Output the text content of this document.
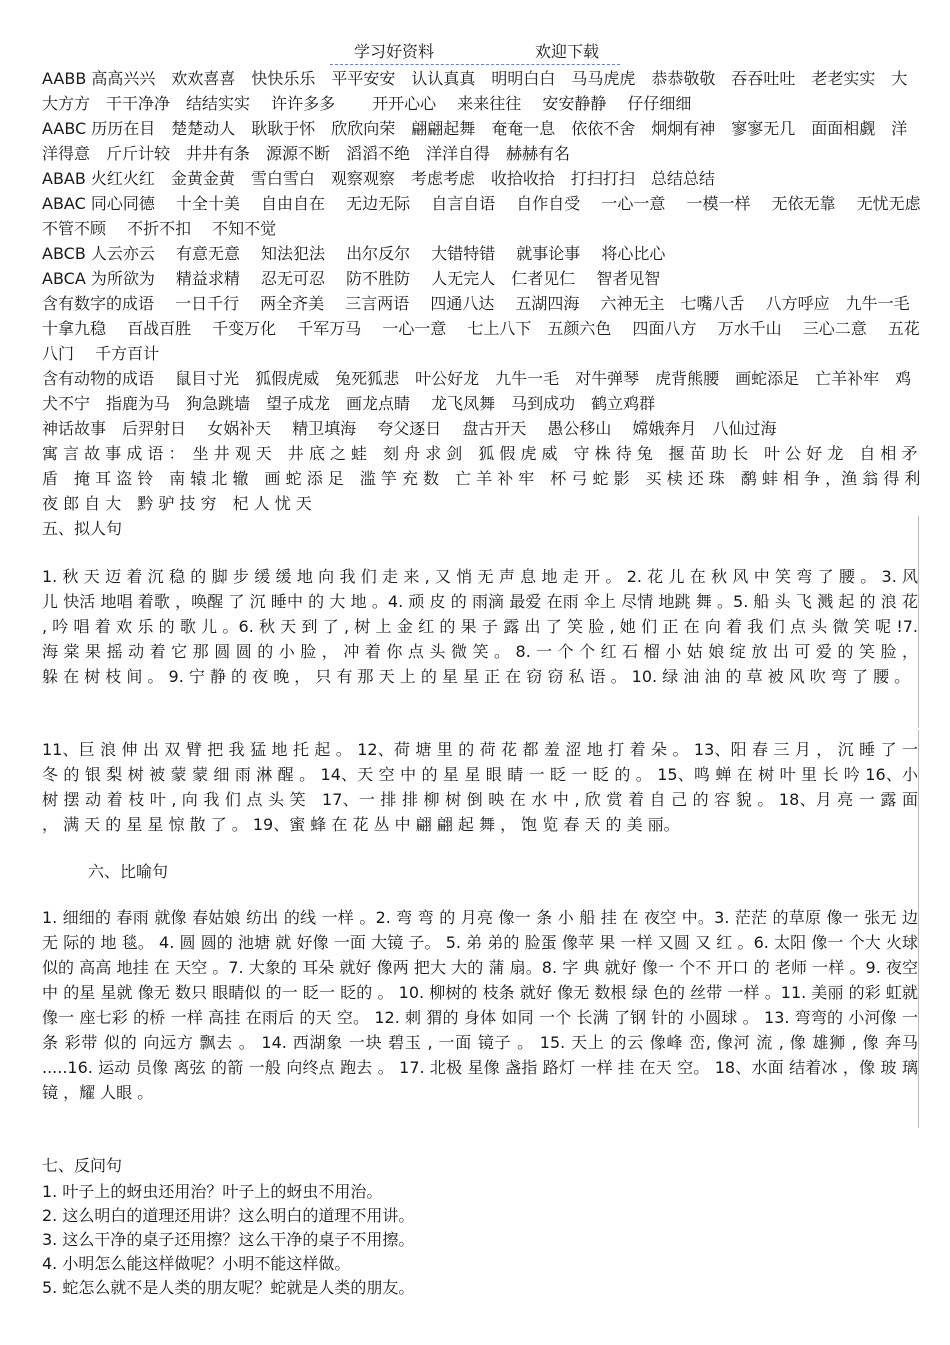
学习好资料	欢迎下载

AABB 高高兴兴　欢欢喜喜　快快乐乐　平平安安　认认真真　明明白白　马马虎虎　恭恭敬敬　吞吞吐吐　老老实实　大大方方　干干净净　结结实实　 许许多多　　 开开心心　 来来往往　 安安静静　 仔仔细细

AABC 历历在目　楚楚动人　耿耿于怀　欣欣向荣　翩翩起舞　奄奄一息　依依不舍　炯炯有神　寥寥无几　面面相觑　洋洋得意　斤斤计较　井井有条　源源不断　滔滔不绝　洋洋自得　赫赫有名

ABAB 火红火红　金黄金黄　雪白雪白　观察观察　考虑考虑　收拾收拾　打扫打扫　总结总结

ABAC 同心同德　 十全十美　 自由自在　 无边无际　 自言自语　 自作自受　 一心一意　 一模一样　 无依无靠　 无忧无虑　 不管不顾　 不折不扣　 不知不觉

ABCB 人云亦云　 有意无意　 知法犯法　 出尔反尔　 大错特错　 就事论事　 将心比心

ABCA 为所欲为　 精益求精　 忍无可忍　 防不胜防　 人无完人　仁者见仁　 智者见智

含有数字的成语　 一日千行　 两全齐美　 三言两语　 四通八达　 五湖四海　 六神无主　七嘴八舌　 八方呼应　九牛一毛　 十拿九稳　 百战百胜　 千变万化　 千军万马　 一心一意　 七上八下　五颜六色　 四面八方　 万水千山　 三心二意　 五花八门　 千方百计

含有动物的成语　 鼠目寸光　狐假虎威　兔死狐悲　叶公好龙　九牛一毛　对牛弹琴　虎背熊腰　画蛇添足　亡羊补牢　鸡犬不宁　指鹿为马　狗急跳墙　望子成龙　画龙点睛　 龙飞凤舞　马到成功　鹤立鸡群

神话故事　后羿射日　 女娲补天　 精卫填海　 夸父逐日　 盘古开天　 愚公移山　 嫦娥奔月　八仙过海

寓 言 故 事 成 语 ：　坐 井 观 天　井 底 之 蛙　刻 舟 求 剑　狐 假 虎 威　守 株 待 兔　揠 苗 助 长　叶 公 好 龙　自 相 矛 盾　掩 耳 盗 铃　南 辕 北 辙　画 蛇 添 足　滥 竽 充 数　亡 羊 补 牢　杯 弓 蛇 影　买 椟 还 珠　鹬 蚌 相 争 ，渔 翁 得 利　夜 郎 自 大　黔 驴 技 穷　杞 人 忧 天

五、拟人句

1. 秋 天 迈 着 沉 稳 的 脚 步 缓 缓 地 向 我 们 走 来 , 又 悄 无 声 息 地 走 开 。 2. 花 儿 在 秋 风 中 笑 弯 了 腰 。 3. 风 儿 快活 地唱 着歌 ，唤醒 了 沉 睡中 的 大 地 。4. 顽 皮 的 雨滴 最爱 在雨 伞上 尽情 地跳 舞 。5. 船 头 飞 溅 起 的 浪 花 , 吟 唱 着 欢 乐 的 歌 儿 。6. 秋 天 到 了 , 树 上 金 红 的 果 子 露 出 了 笑 脸 , 她 们 正 在 向 着 我 们 点 头 微 笑 呢 !7. 海 棠 果 摇 动 着 它 那 圆 圆 的 小 脸 ， 冲 着 你 点 头 微 笑 。 8. 一 个 个 红 石 榴 小 姑 娘 绽 放 出 可 爱 的 笑 脸 ， 躲 在 树 枝 间 。 9. 宁 静 的 夜 晚 ， 只 有 那 天 上 的 星 星 正 在 窃 窃 私 语 。 10. 绿 油 油 的 草 被 风 吹 弯 了 腰 。

11、巨 浪 伸 出 双 臂 把 我 猛 地 托 起 。 12、荷 塘 里 的 荷 花 都 羞 涩 地 打 着 朵 。 13、阳 春 三 月 ， 沉 睡 了 一 冬 的 银 梨 树 被 蒙 蒙 细 雨 淋 醒 。 14、天 空 中 的 星 星 眼 睛 一 眨 一 眨 的 。 15、鸣 蝉 在 树 叶 里 长 吟 16、小 树 摆 动 着 枝 叶 , 向 我 们 点 头 笑　17、一 排 排 柳 树 倒 映 在 水 中 , 欣 赏 着 自 己 的 容 貌 。 18、月 亮 一 露 面 ， 满 天 的 星 星 惊 散 了 。 19、蜜 蜂 在 花 丛 中 翩 翩 起 舞 ， 饱 览 春 天 的 美 丽。

六、比喻句

1. 细细的 春雨 就像 春姑娘 纺出 的线 一样 。2. 弯 弯 的 月亮 像一 条 小 船 挂 在 夜空 中。3. 茫茫 的草原 像一 张无 边无 际的 地 毯。 4. 圆 圆的 池塘 就 好像 一面 大镜 子。 5. 弟 弟的 脸蛋 像苹 果 一样 又圆 又 红 。6. 太阳 像一 个大 火球 似的 高高 地挂 在 天空 。7. 大象的 耳朵 就好 像两 把大 大的 蒲 扇。8. 字 典 就好 像一 个不 开口 的 老师 一样 。9. 夜空 中 的星 星就 像无 数只 眼睛似 的一 眨一 眨的 。 10. 柳树的 枝条 就好 像无 数根 绿 色的 丝带 一样 。11. 美丽 的彩 虹就 像一 座七彩 的桥 一样 高挂 在雨后 的天 空。 12. 刺 猬的 身体 如同 一个 长满 了钢 针的 小圆球 。 13. 弯弯的 小河像 一条 彩带 似的 向远方 飘去 。 14. 西湖象 一块 碧玉 , 一面 镜子 。 15. 天上 的云 像峰 峦, 像河 流 , 像 雄狮 , 像 奔马 .....16. 运动 员像 离弦 的箭 一般 向终点 跑去 。 17. 北极 星像 盏指 路灯 一样 挂 在天 空。 18、水面 结着冰 ，像 玻 璃镜 ，耀 人眼 。

七、反问句
1. 叶子上的蚜虫还用治？叶子上的蚜虫不用治。
2. 这么明白的道理还用讲？这么明白的道理不用讲。
3. 这么干净的桌子还用擦？这么干净的桌子不用擦。
4. 小明怎么能这样做呢？小明不能这样做。
5. 蛇怎么就不是人类的朋友呢？蛇就是人类的朋友。
